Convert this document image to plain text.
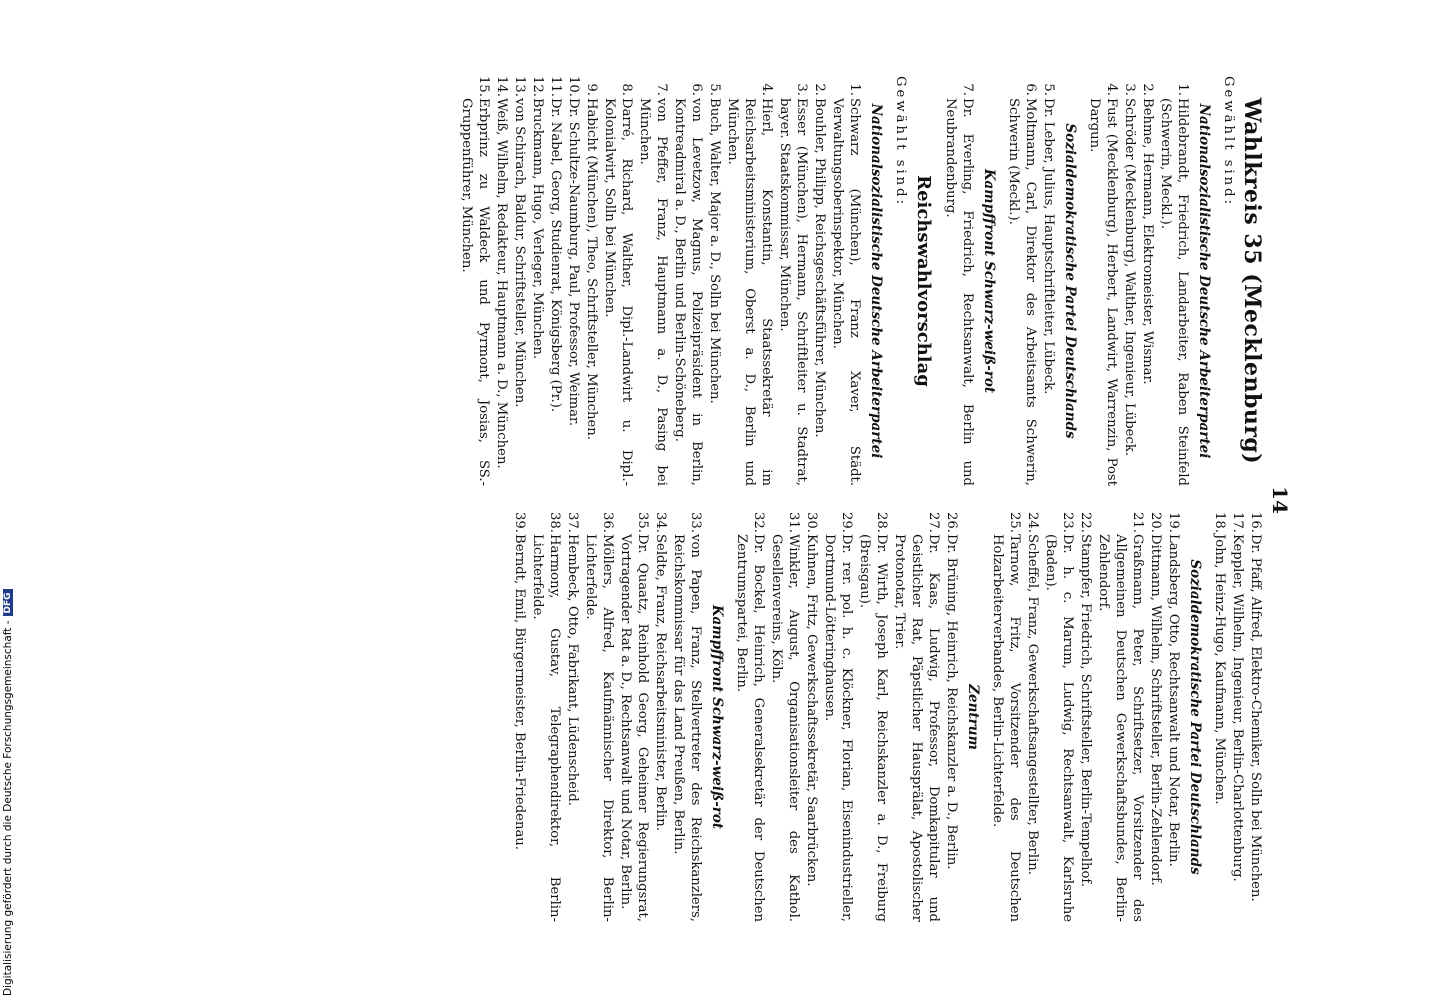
14
Wahlkreis 35 (Mecklenburg)
Gewählt sind:
Nationalsozialistische Deutsche Arbeiterpartei
1.
Hildebrandt, Friedrich, Landarbeiter, Raben Steinfeld (Schwerin, Meckl.).
2.
Behme, Hermann, Elektromeister, Wismar.
3.
Schröder (Mecklenburg), Walther, Ingenieur, Lübeck.
4.
Fust (Mecklenburg), Herbert, Landwirt, Warrenzin, Post Dargun.
Sozialdemokratische Partei Deutschlands
5.
Dr. Leber, Julius, Hauptschriftleiter, Lübeck.
6.
Moltmann, Carl, Direktor des Arbeitsamts Schwerin, Schwerin (Meckl.).
Kampffront Schwarz-weiß-rot
7.
Dr. Everling, Friedrich, Rechtsanwalt, Berlin und Neubrandenburg.
Reichswahlvorschlag
Gewählt sind:
Nationalsozialistische Deutsche Arbeiterpartei
1.
Schwarz (München), Franz Xaver, Städt. Verwaltungsoberinspektor, München.
2.
Bouhler, Philipp, Reichsgeschäftsführer, München.
3.
Esser (München), Hermann, Schriftleiter u. Stadtrat, bayer. Staatskommissar, München.
4.
Hierl, Konstantin, Staatssekretär im Reichsarbeitsministerium, Oberst a. D., Berlin und München.
5.
Buch, Walter, Major a. D., Solln bei München.
6.
von Levetzow, Magnus, Polizeipräsident in Berlin, Kontreadmiral a. D., Berlin und Berlin-Schöneberg.
7.
von Pfeffer, Franz, Hauptmann a. D., Pasing bei München.
8.
Darré, Richard, Walther, Dipl.-Landwirt u. Dipl.-Kolonialwirt, Solln bei München.
9.
Habicht (München), Theo, Schriftsteller, München.
10.
Dr. Schultze-Naumburg, Paul, Professor, Weimar.
11.
Dr. Nabel, Georg, Studienrat, Königsberg (Pr.).
12.
Bruckmann, Hugo, Verleger, München.
13.
von Schirach, Baldur, Schriftsteller, München.
14.
Weiß, Wilhelm, Redakteur, Hauptmann a. D., München.
15.
Erbprinz zu Waldeck und Pyrmont, Josias, SS.-Gruppenführer, München.
16.
Dr. Pfaff, Alfred, Elektro-Chemiker, Solln bei München.
17.
Keppler, Wilhelm, Ingenieur, Berlin-Charlottenburg.
18.
John, Heinz-Hugo, Kaufmann, München.
Sozialdemokratische Partei Deutschlands
19.
Landsberg, Otto, Rechtsanwalt und Notar, Berlin.
20.
Dittmann, Wilhelm, Schriftsteller, Berlin-Zehlendorf.
21.
Graßmann, Peter, Schriftsetzer, Vorsitzender des Allgemeinen Deutschen Gewerkschaftsbundes, Berlin-Zehlendorf.
22.
Stampfer, Friedrich, Schriftsteller, Berlin-Tempelhof.
23.
Dr. h. c. Marum, Ludwig, Rechtsanwalt, Karlsruhe (Baden).
24.
Scheffel, Franz, Gewerkschaftsangestellter, Berlin.
25.
Tarnow, Fritz, Vorsitzender des Deutschen Holzarbeiterverbandes, Berlin-Lichterfelde.
Zentrum
26.
Dr. Brüning, Heinrich, Reichskanzler a. D., Berlin.
27.
Dr. Kaas, Ludwig, Professor, Domkapitular und Geistlicher Rat, Päpstlicher Hausprälat, Apostolischer Protonotar, Trier.
28.
Dr. Wirth, Joseph Karl, Reichskanzler a. D., Freiburg (Breisgau).
29.
Dr. rer. pol. h. c. Klöckner, Florian, Eisenindustrieller, Dortmund-Lötteringhausen.
30.
Kuhnen, Fritz, Gewerkschaftssekretär, Saarbrücken.
31.
Winkler, August, Organisationsleiter des Kathol. Gesellenvereins, Köln.
32.
Dr. Bockel, Heinrich, Generalsekretär der Deutschen Zentrumspartei, Berlin.
Kampffront Schwarz-weiß-rot
33.
von Papen, Franz, Stellvertreter des Reichskanzlers, Reichskommissar für das Land Preußen, Berlin.
34.
Seldte, Franz, Reichsarbeitsminister, Berlin.
35.
Dr. Quaatz, Reinhold Georg, Geheimer Regierungsrat, Vortragender Rat a. D., Rechtsanwalt und Notar, Berlin.
36.
Möllers, Alfred, Kaufmännischer Direktor, Berlin-Lichterfelde.
37.
Hembeck, Otto, Fabrikant, Lüdenscheid.
38.
Harmony, Gustav, Telegraphendirektor, Berlin-Lichterfelde.
39.
Berndt, Emil, Bürgermeister, Berlin-Friedenau.
Digitalisierung gefördert durch die Deutsche Forschungsgemeinschaft -DFG
